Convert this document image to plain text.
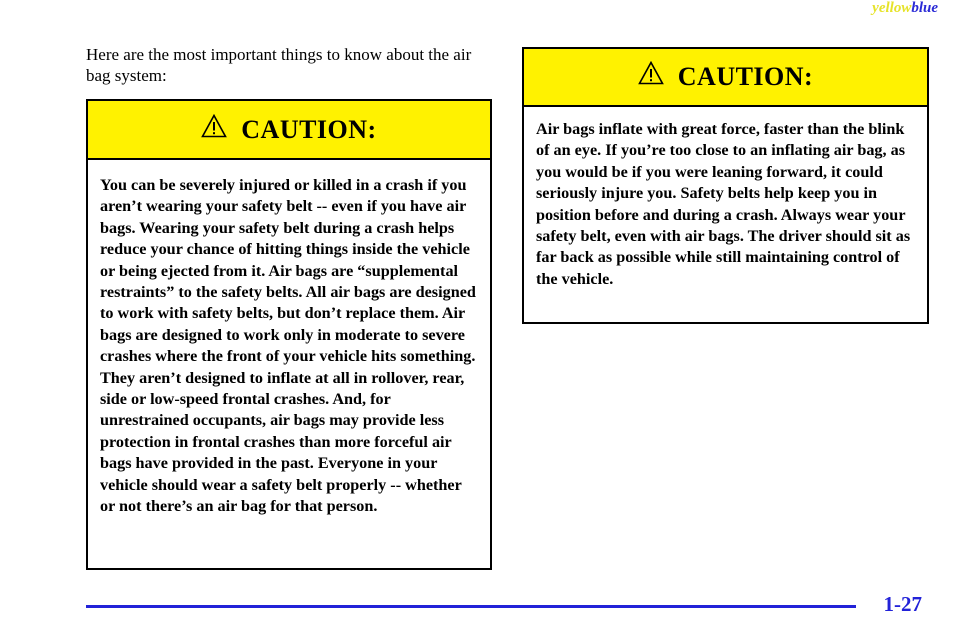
yellowblue
Here are the most important things to know about the air bag system:
CAUTION:
You can be severely injured or killed in a crash if you aren’t wearing your safety belt -- even if you have air bags. Wearing your safety belt during a crash helps reduce your chance of hitting things inside the vehicle or being ejected from it. Air bags are “supplemental restraints” to the safety belts. All air bags are designed to work with safety belts, but don’t replace them. Air bags are designed to work only in moderate to severe crashes where the front of your vehicle hits something. They aren’t designed to inflate at all in rollover, rear, side or low-speed frontal crashes. And, for unrestrained occupants, air bags may provide less protection in frontal crashes than more forceful air bags have provided in the past. Everyone in your vehicle should wear a safety belt properly -- whether or not there’s an air bag for that person.
CAUTION:
Air bags inflate with great force, faster than the blink of an eye. If you’re too close to an inflating air bag, as you would be if you were leaning forward, it could seriously injure you. Safety belts help keep you in position before and during a crash. Always wear your safety belt, even with air bags. The driver should sit as far back as possible while still maintaining control of the vehicle.
1-27
